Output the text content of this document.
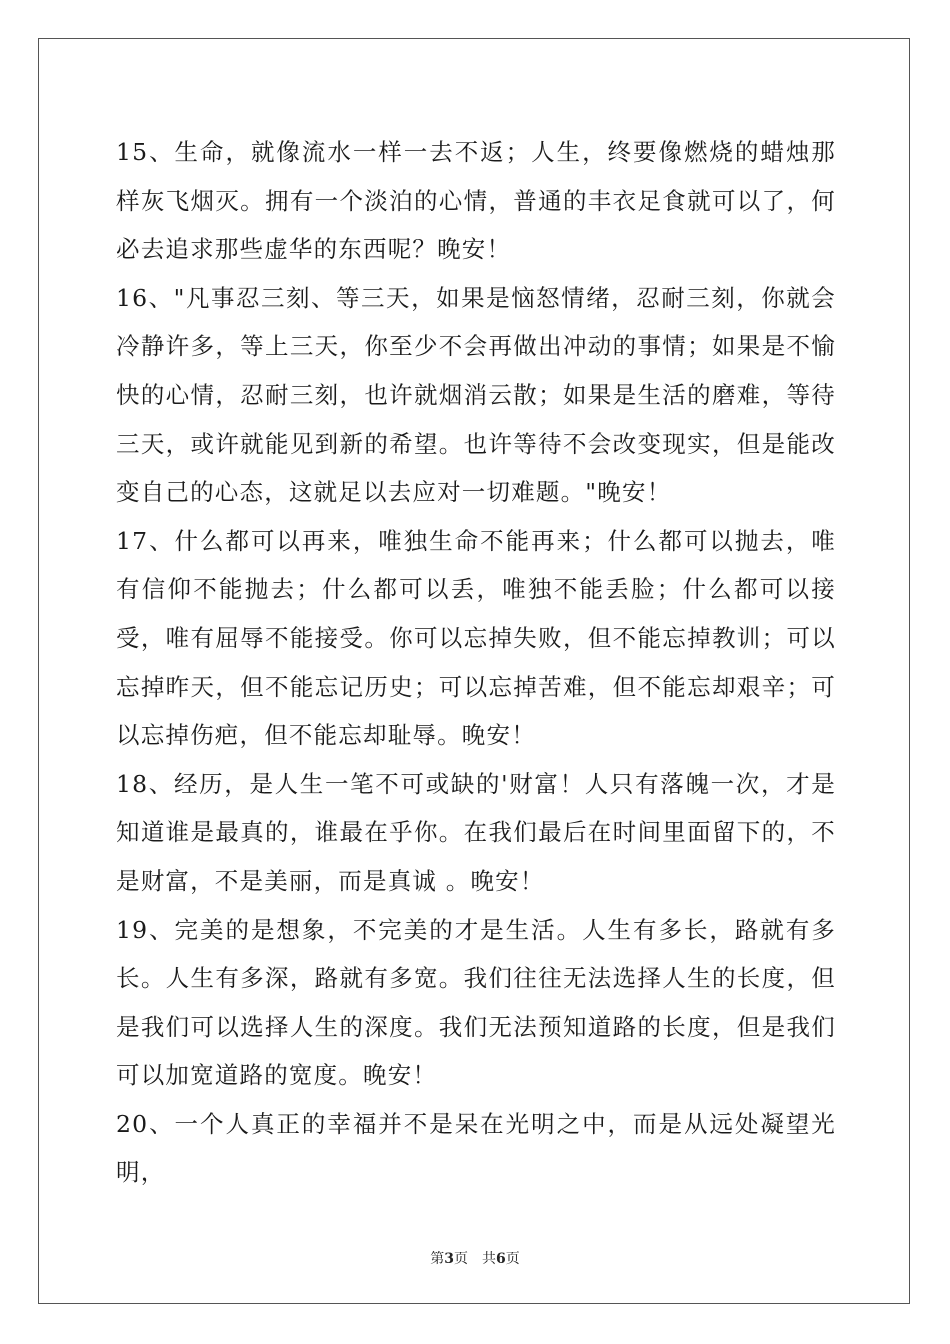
15、生命，就像流水一样一去不返；人生，终要像燃烧的蜡烛那样灰飞烟灭。拥有一个淡泊的心情，普通的丰衣足食就可以了，何必去追求那些虚华的东西呢？晚安！

16、"凡事忍三刻、等三天，如果是恼怒情绪，忍耐三刻，你就会冷静许多，等上三天，你至少不会再做出冲动的事情；如果是不愉快的心情，忍耐三刻，也许就烟消云散；如果是生活的磨难，等待三天，或许就能见到新的希望。也许等待不会改变现实，但是能改变自己的心态，这就足以去应对一切难题。"晚安！

17、什么都可以再来，唯独生命不能再来；什么都可以抛去，唯有信仰不能抛去；什么都可以丢，唯独不能丢脸；什么都可以接受，唯有屈辱不能接受。你可以忘掉失败，但不能忘掉教训；可以忘掉昨天，但不能忘记历史；可以忘掉苦难，但不能忘却艰辛；可以忘掉伤疤，但不能忘却耻辱。晚安！

18、经历，是人生一笔不可或缺的'财富！人只有落魄一次，才是知道谁是最真的，谁最在乎你。在我们最后在时间里面留下的，不是财富，不是美丽，而是真诚 。晚安！

19、完美的是想象，不完美的才是生活。人生有多长，路就有多长。人生有多深，路就有多宽。我们往往无法选择人生的长度，但是我们可以选择人生的深度。我们无法预知道路的长度，但是我们可以加宽道路的宽度。晚安！

20、一个人真正的幸福并不是呆在光明之中，而是从远处凝望光明，

第3页 共6页
